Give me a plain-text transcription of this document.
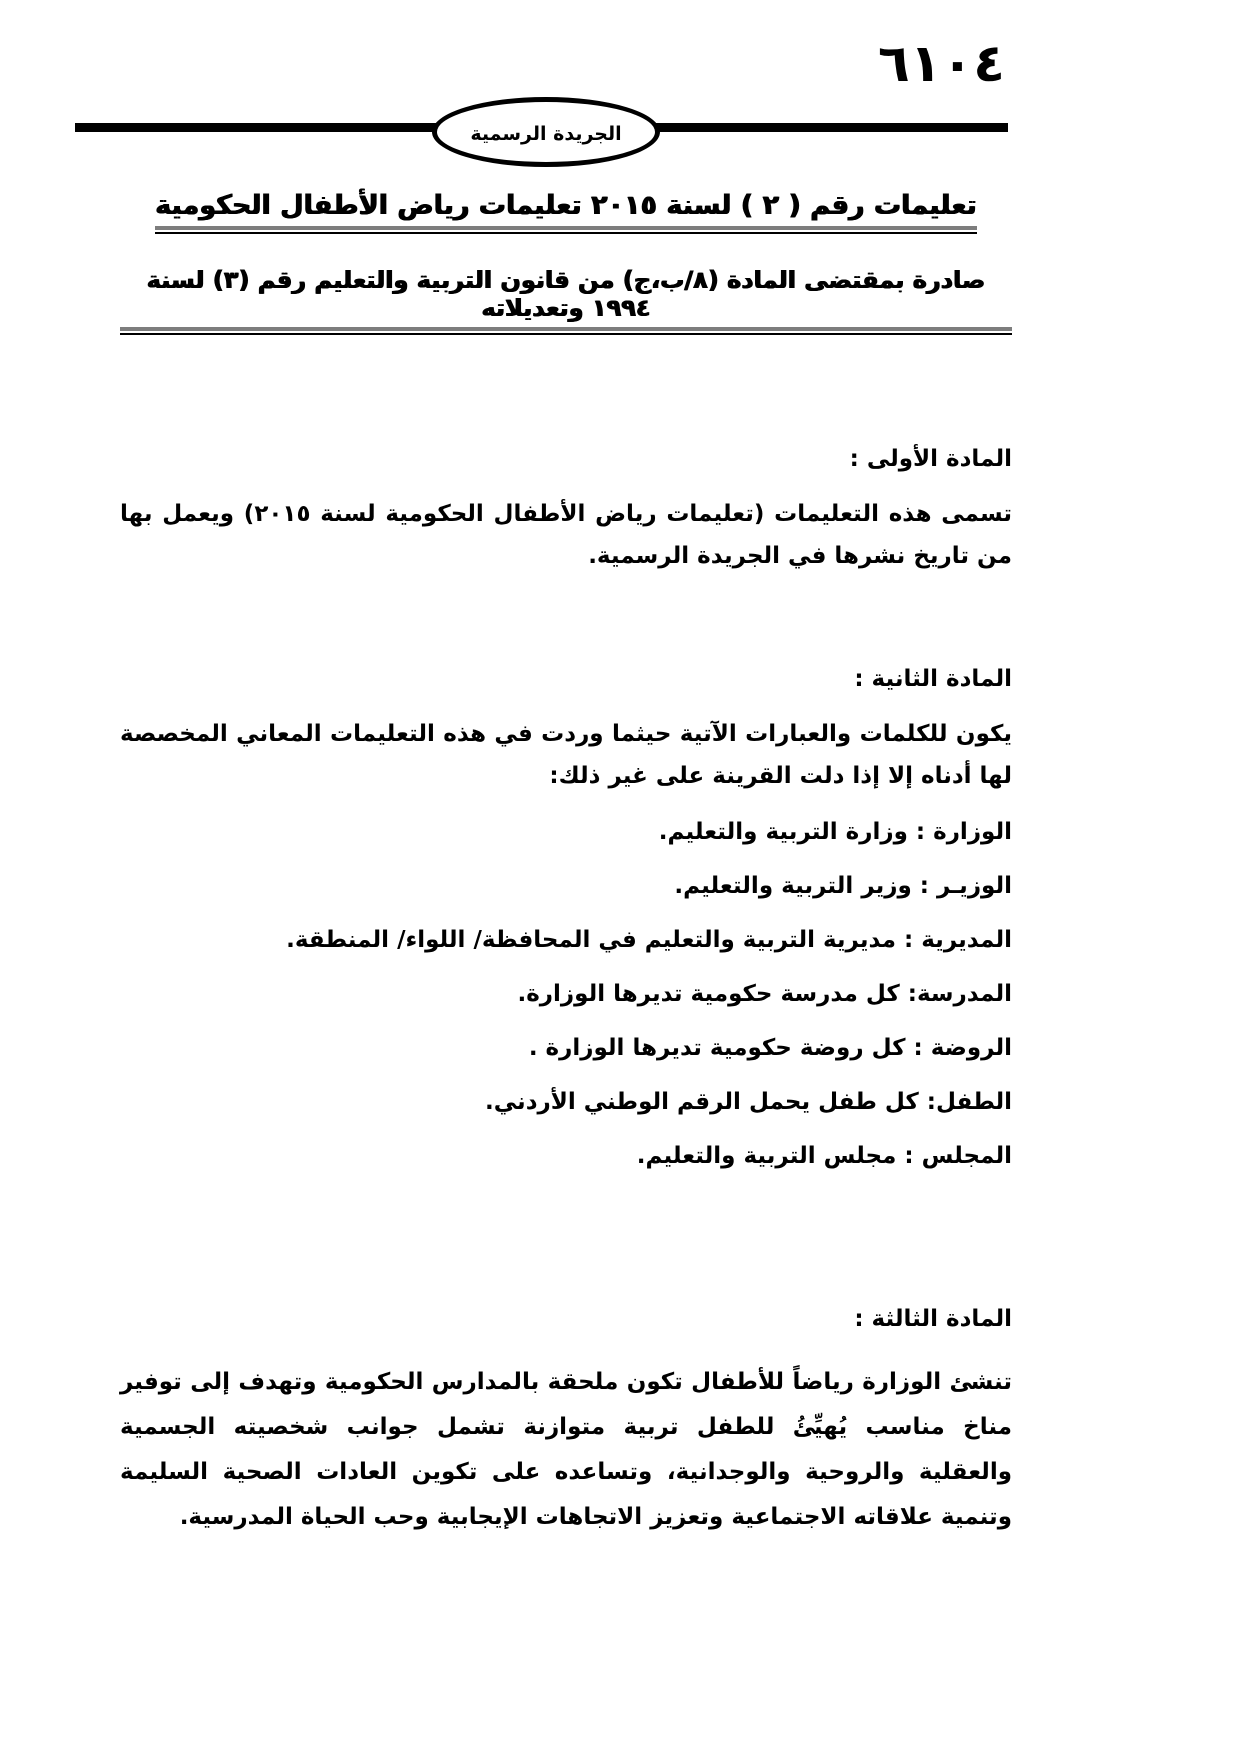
٦١٠٤
الجريدة الرسمية
تعليمات رقم ( ٢ ) لسنة ٢٠١٥ تعليمات رياض الأطفال الحكومية
صادرة بمقتضى المادة (٨/ب،ج) من قانون التربية والتعليم رقم (٣) لسنة ١٩٩٤ وتعديلاته
المادة الأولى :

تسمى هذه التعليمات (تعليمات رياض الأطفال الحكومية لسنة ٢٠١٥) ويعمل بها من تاريخ نشرها في الجريدة الرسمية.

المادة الثانية :

يكون للكلمات والعبارات الآتية حيثما وردت في هذه التعليمات المعاني المخصصة لها أدناه إلا إذا دلت القرينة على غير ذلك:

الوزارة : وزارة التربية والتعليم.

الوزيـر : وزير التربية والتعليم.

المديرية : مديرية التربية والتعليم في المحافظة/ اللواء/ المنطقة.

المدرسة: كل مدرسة حكومية تديرها الوزارة.

الروضة : كل روضة حكومية تديرها الوزارة .

الطفل: كل طفل يحمل الرقم الوطني الأردني.

المجلس : مجلس التربية والتعليم.

المادة الثالثة :

تنشئ الوزارة رياضاً للأطفال تكون ملحقة بالمدارس الحكومية وتهدف إلى توفير مناخ مناسب يُهيِّئُ للطفل تربية متوازنة تشمل جوانب شخصيته الجسمية والعقلية والروحية والوجدانية، وتساعده على تكوين العادات الصحية السليمة وتنمية علاقاته الاجتماعية وتعزيز الاتجاهات الإيجابية وحب الحياة المدرسية.
